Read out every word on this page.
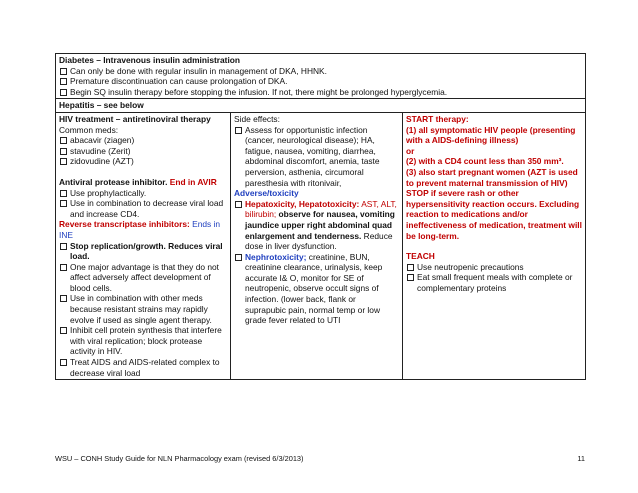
Diabetes – Intravenous insulin administration
Can only be done with regular insulin in management of DKA, HHNK.
Premature discontinuation can cause prolongation of DKA.
Begin SQ insulin therapy before stopping the infusion. If not, there might be prolonged hyperglycemia.

Hepatitis – see below

HIV treatment – antiretinoviral therapy
Common meds:
abacavir (ziagen)
stavudine (Zerit)
zidovudine (AZT)
Antiviral protease inhibitor. End in AVIR
Use prophylactically.
Use in combination to decrease viral load and increase CD4.
Reverse transcriptase inhibitors: Ends in INE
Stop replication/growth. Reduces viral load.
One major advantage is that they do not affect adversely affect development of blood cells.
Use in combination with other meds because resistant strains may rapidly evolve if used as single agent therapy.
Inhibit cell protein synthesis that interfere with viral replication; block protease activity in HIV.
Treat AIDS and AIDS-related complex to decrease viral load

Side effects:
Assess for opportunistic infection (cancer, neurological disease); HA, fatigue, nausea, vomiting, diarrhea, abdominal discomfort, anemia, taste perversion, asthenia, circumoral paresthesia with ritonivair,
Adverse/toxicity
Hepatoxicity, Hepatotoxicity: AST, ALT, bilirubin; observe for nausea, vomiting jaundice upper right abdominal quad enlargement and tenderness. Reduce dose in liver dysfunction.
Nephrotoxicity; creatinine, BUN, creatinine clearance, urinalysis, keep accurate I& O, monitor for SE of neutropenic, observe occult signs of infection. (lower back, flank or suprapubic pain, normal temp or low grade fever related to UTI

START therapy:
(1) all symptomatic HIV people (presenting with a AIDS-defining illness)
or
(2) with a CD4 count less than 350 mm³.
(3) also start pregnant women (AZT is used to prevent maternal transmission of HIV)
STOP if severe rash or other hypersensitivity reaction occurs. Excluding reaction to medications and/or ineffectiveness of medication, treatment will be long-term.
TEACH
Use neutropenic precautions
Eat small frequent meals with complete or complementary proteins
WSU – CONH Study Guide for NLN Pharmacology exam (revised 6/3/2013)	11
